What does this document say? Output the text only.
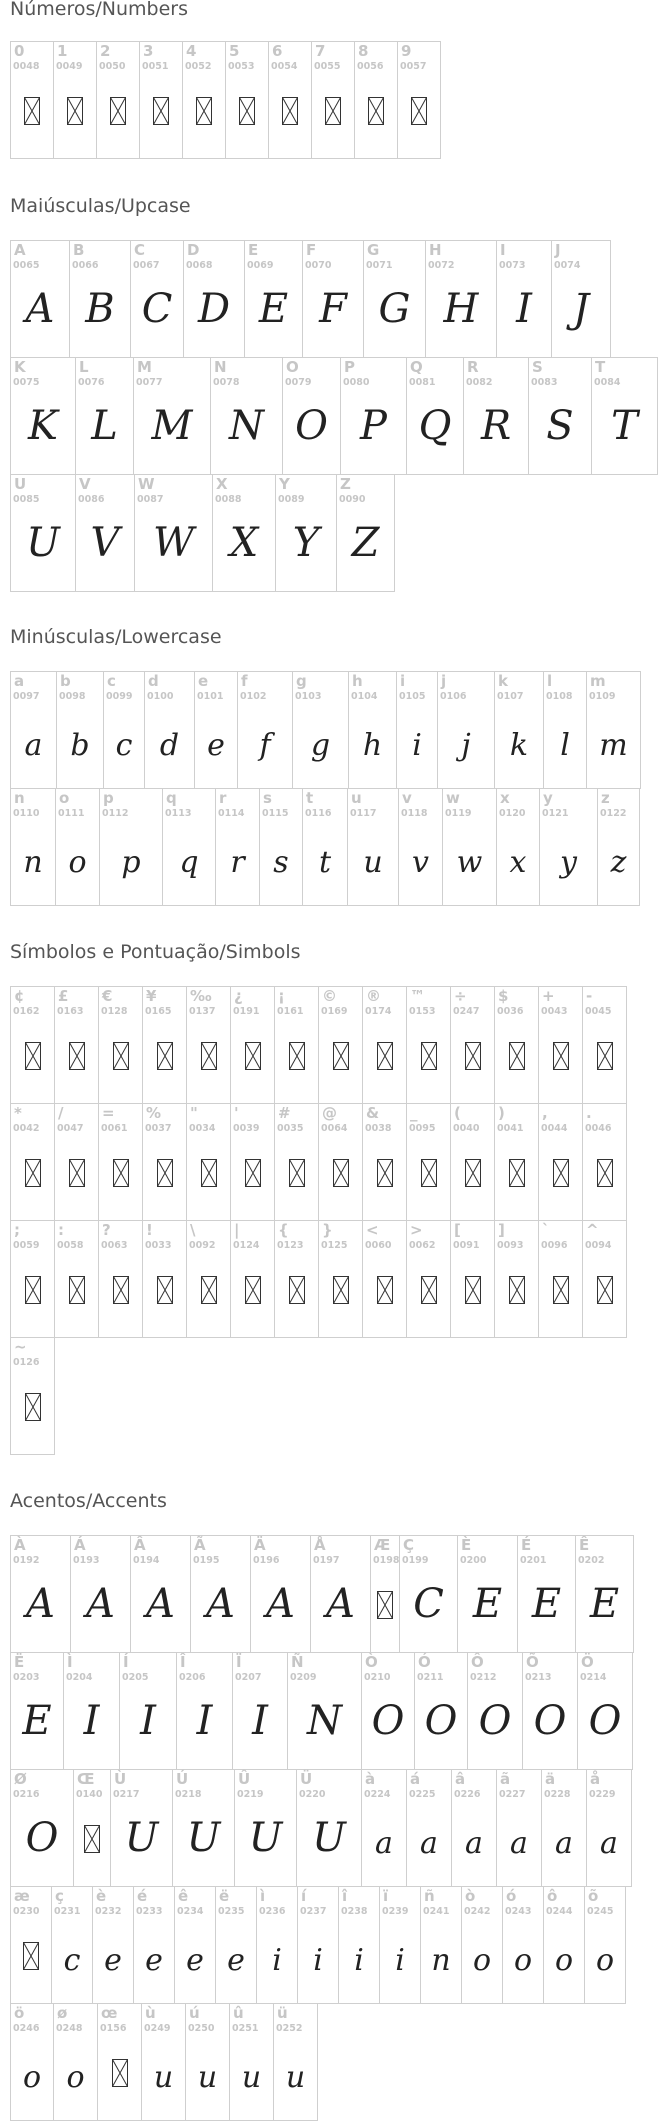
Números/Numbers
Maiúsculas/Upcase
Minúsculas/Lowercase
Símbolos e Pontuação/Simbols
Acentos/Accents
0
0048
1
0049
2
0050
3
0051
4
0052
5
0053
6
0054
7
0055
8
0056
9
0057
A
0065
A
B
0066
B
C
0067
C
D
0068
D
E
0069
E
F
0070
F
G
0071
G
H
0072
H
I
0073
I
J
0074
J
K
0075
K
L
0076
L
M
0077
M
N
0078
N
O
0079
O
P
0080
P
Q
0081
Q
R
0082
R
S
0083
S
T
0084
T
U
0085
U
V
0086
V
W
0087
W
X
0088
X
Y
0089
Y
Z
0090
Z
a
0097
a
b
0098
b
c
0099
c
d
0100
d
e
0101
e
f
0102
f
g
0103
g
h
0104
h
i
0105
i
j
0106
j
k
0107
k
l
0108
l
m
0109
m
n
0110
n
o
0111
o
p
0112
p
q
0113
q
r
0114
r
s
0115
s
t
0116
t
u
0117
u
v
0118
v
w
0119
w
x
0120
x
y
0121
y
z
0122
z
¢
0162
£
0163
€
0128
¥
0165
‰
0137
¿
0191
¡
0161
©
0169
®
0174
™
0153
÷
0247
$
0036
+
0043
-
0045
*
0042
/
0047
=
0061
%
0037
"
0034
'
0039
#
0035
@
0064
&
0038
_
0095
(
0040
)
0041
,
0044
.
0046
;
0059
:
0058
?
0063
!
0033
\
0092
|
0124
{
0123
}
0125
<
0060
>
0062
[
0091
]
0093
`
0096
^
0094
~
0126
À
0192
A
Á
0193
A
Â
0194
A
Ã
0195
A
Ä
0196
A
Å
0197
A
Æ
0198
Ç
0199
C
È
0200
E
É
0201
E
Ê
0202
E
Ë
0203
E
Ì
0204
I
Í
0205
I
Î
0206
I
Ï
0207
I
Ñ
0209
N
Ò
0210
O
Ó
0211
O
Ô
0212
O
Õ
0213
O
Ö
0214
O
Ø
0216
O
Œ
0140
Ù
0217
U
Ú
0218
U
Û
0219
U
Ü
0220
U
à
0224
a
á
0225
a
â
0226
a
ã
0227
a
ä
0228
a
å
0229
a
æ
0230
ç
0231
c
è
0232
e
é
0233
e
ê
0234
e
ë
0235
e
ì
0236
i
í
0237
i
î
0238
i
ï
0239
i
ñ
0241
n
ò
0242
o
ó
0243
o
ô
0244
o
õ
0245
o
ö
0246
o
ø
0248
o
œ
0156
ù
0249
u
ú
0250
u
û
0251
u
ü
0252
u
